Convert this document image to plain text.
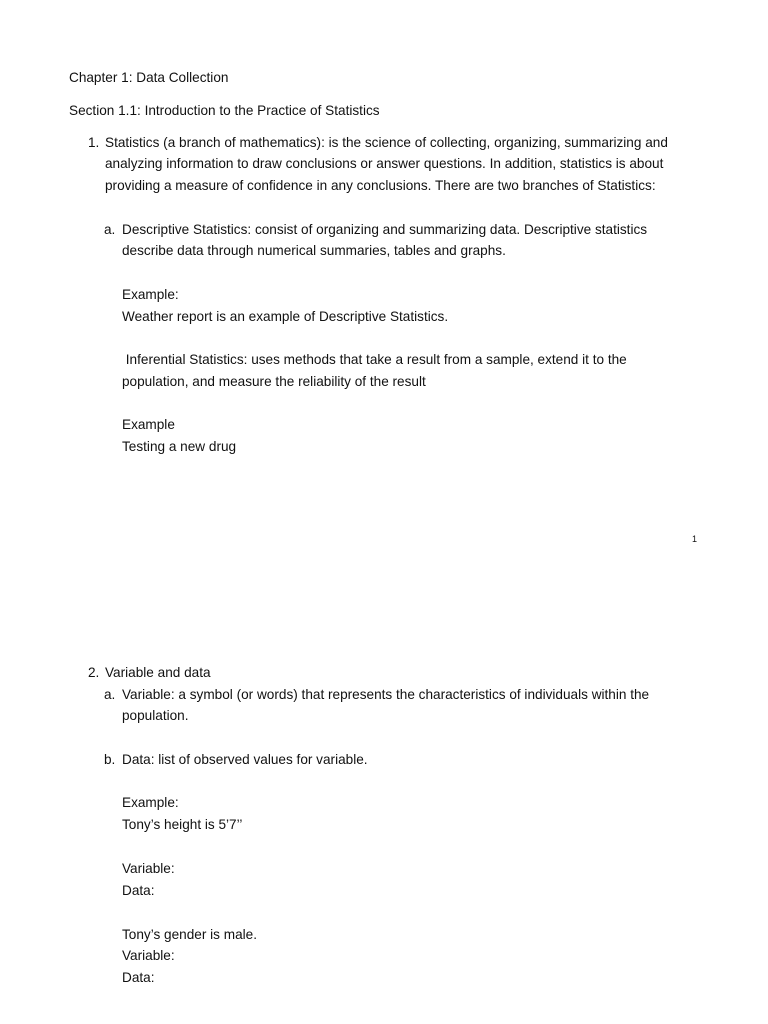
Chapter 1: Data Collection
Section 1.1: Introduction to the Practice of Statistics
1. Statistics (a branch of mathematics): is the science of collecting, organizing, summarizing and
analyzing information to draw conclusions or answer questions. In addition, statistics is about
providing a measure of confidence in any conclusions. There are two branches of Statistics:
a. Descriptive Statistics: consist of organizing and summarizing data. Descriptive statistics
describe data through numerical summaries, tables and graphs.
Example:
Weather report is an example of Descriptive Statistics.
Inferential Statistics: uses methods that take a result from a sample, extend it to the
population, and measure the reliability of the result
Example
Testing a new drug
1
2. Variable and data
a. Variable: a symbol (or words) that represents the characteristics of individuals within the
population.
b. Data: list of observed values for variable.
Example:
Tony’s height is 5’7’’
Variable:
Data:
Tony’s gender is male.
Variable:
Data:
